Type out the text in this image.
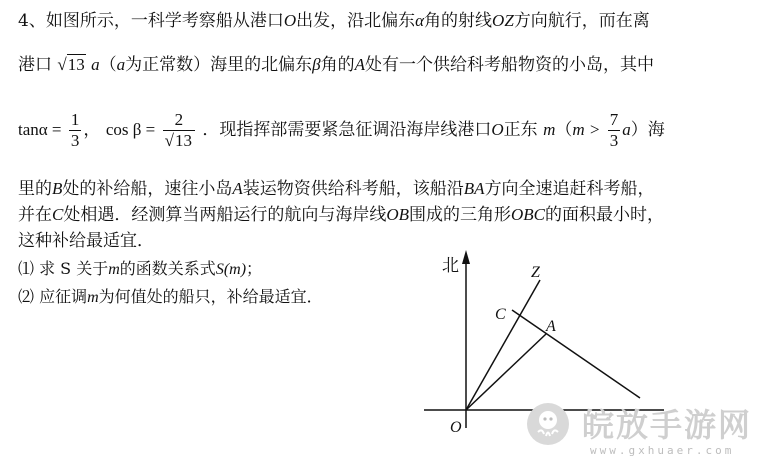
4、如图所示，一科学考察船从港口O出发，沿北偏东α角的射线OZ方向航行，而在离
港口 √13 a（a为正常数）海里的北偏东β角的A处有一个供给科考船物资的小岛，其中
$\tan\alpha = \frac{1}{3}$ ， $\cos \beta = \frac{2}{√13}$ ．现指挥部需要紧急征调沿海岸线港口O正东 $m(m > \frac{7}{3} a)$海
里的B处的补给船，速往小岛A装运物资供给科考船，该船沿BA方向全速追赶科考船，
并在C处相遇．经测算当两船运行的航向与海岸线OB围成的三角形OBC的面积最小时，
这种补给最适宜．
⑴ 求 S 关于m的函数关系式S(m)；
⑵ 应征调m为何值处的船只，补给最适宜．
北	Z
C
A
O	皖放手游网
www.gxhuaer.com
